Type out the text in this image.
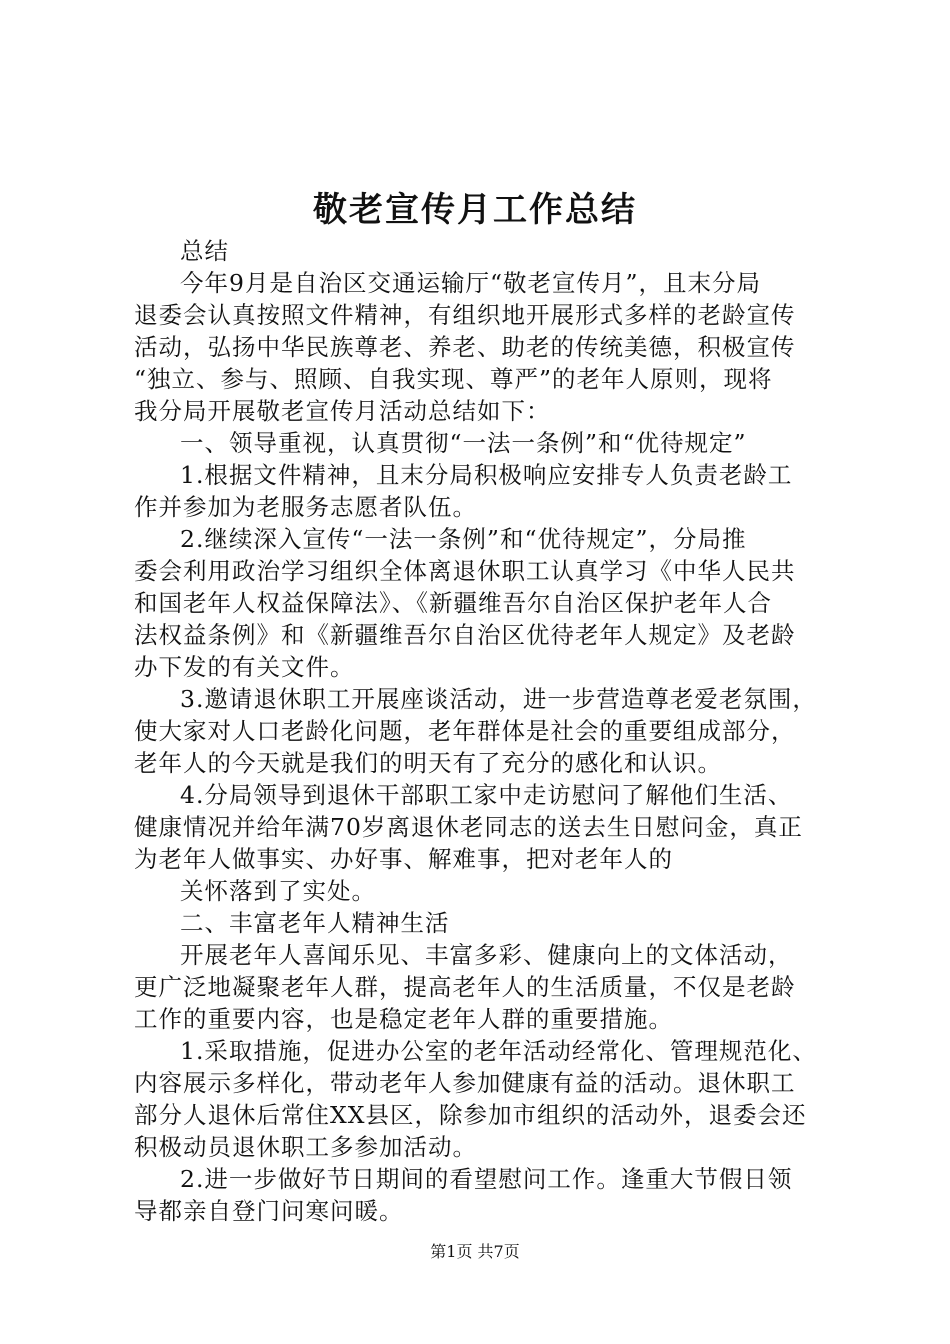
敬老宣传月工作总结
总结
今年9月是自治区交通运输厅“敬老宣传月”，且末分局
退委会认真按照文件精神，有组织地开展形式多样的老龄宣传
活动，弘扬中华民族尊老、养老、助老的传统美德，积极宣传
“独立、参与、照顾、自我实现、尊严”的老年人原则，现将
我分局开展敬老宣传月活动总结如下：
一、领导重视，认真贯彻“一法一条例”和“优待规定”
1.根据文件精神，且末分局积极响应安排专人负责老龄工
作并参加为老服务志愿者队伍。
2.继续深入宣传“一法一条例”和“优待规定”，分局推
委会利用政治学习组织全体离退休职工认真学习《中华人民共
和国老年人权益保障法》、《新疆维吾尔自治区保护老年人合
法权益条例》和《新疆维吾尔自治区优待老年人规定》及老龄
办下发的有关文件。
3.邀请退休职工开展座谈活动，进一步营造尊老爱老氛围，
使大家对人口老龄化问题，老年群体是社会的重要组成部分，
老年人的今天就是我们的明天有了充分的感化和认识。
4.分局领导到退休干部职工家中走访慰问了解他们生活、
健康情况并给年满70岁离退休老同志的送去生日慰问金，真正
为老年人做事实、办好事、解难事，把对老年人的
关怀落到了实处。
二、丰富老年人精神生活
开展老年人喜闻乐见、丰富多彩、健康向上的文体活动，
更广泛地凝聚老年人群，提高老年人的生活质量，不仅是老龄
工作的重要内容，也是稳定老年人群的重要措施。
1.采取措施，促进办公室的老年活动经常化、管理规范化、
内容展示多样化，带动老年人参加健康有益的活动。退休职工
部分人退休后常住XX县区，除参加市组织的活动外，退委会还
积极动员退休职工多参加活动。
2.进一步做好节日期间的看望慰问工作。逢重大节假日领
导都亲自登门问寒问暖。
第1页 共7页
